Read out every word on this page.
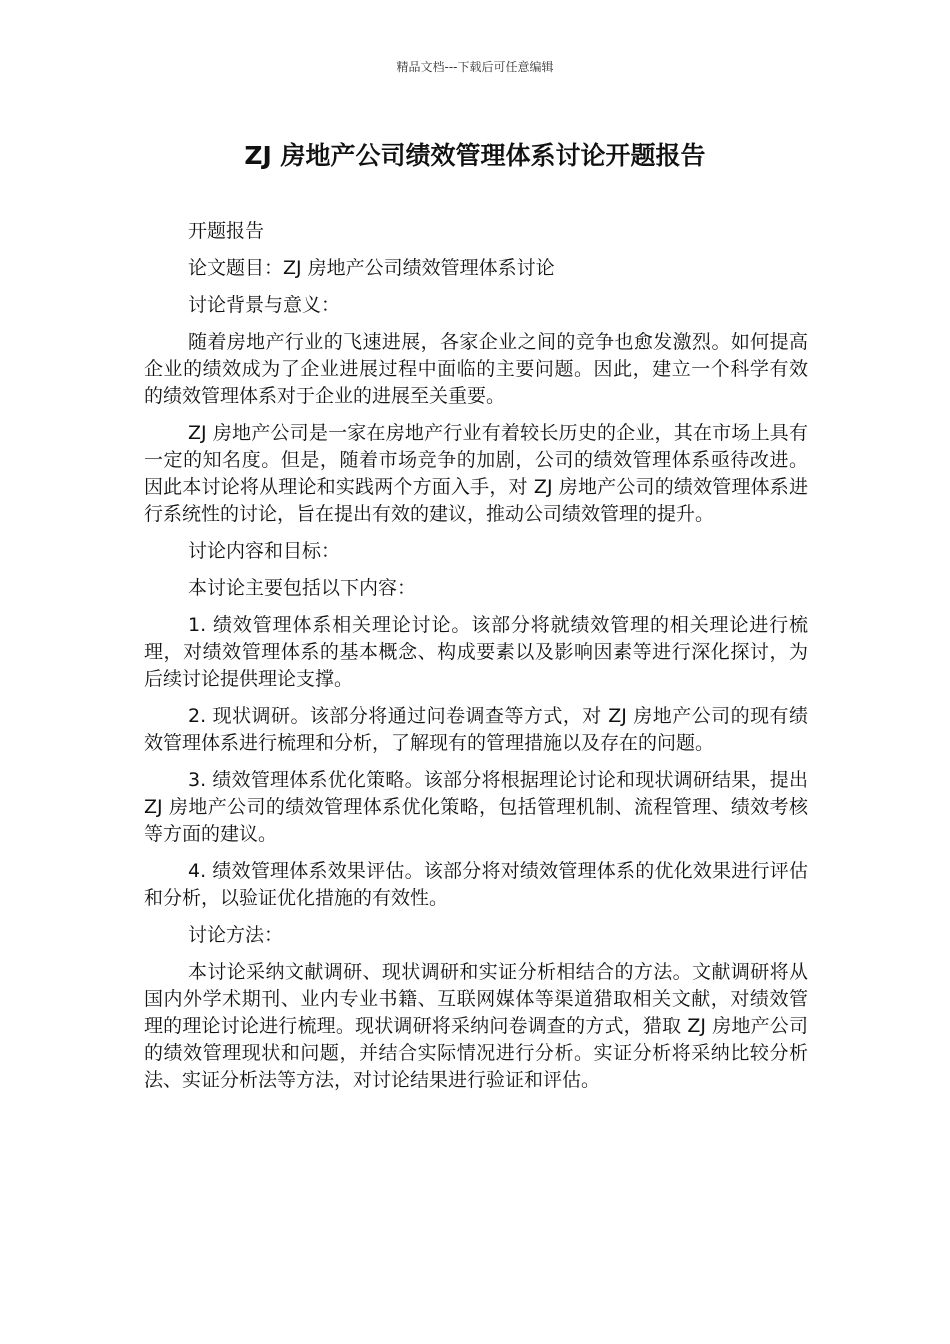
精品文档---下载后可任意编辑
ZJ 房地产公司绩效管理体系讨论开题报告

开题报告

论文题目：ZJ 房地产公司绩效管理体系讨论

讨论背景与意义：

随着房地产行业的飞速进展，各家企业之间的竞争也愈发激烈。如何提高企业的绩效成为了企业进展过程中面临的主要问题。因此，建立一个科学有效的绩效管理体系对于企业的进展至关重要。

ZJ 房地产公司是一家在房地产行业有着较长历史的企业，其在市场上具有一定的知名度。但是，随着市场竞争的加剧，公司的绩效管理体系亟待改进。因此本讨论将从理论和实践两个方面入手，对 ZJ 房地产公司的绩效管理体系进行系统性的讨论，旨在提出有效的建议，推动公司绩效管理的提升。

讨论内容和目标：

本讨论主要包括以下内容：

1. 绩效管理体系相关理论讨论。该部分将就绩效管理的相关理论进行梳理，对绩效管理体系的基本概念、构成要素以及影响因素等进行深化探讨，为后续讨论提供理论支撑。

2. 现状调研。该部分将通过问卷调查等方式，对 ZJ 房地产公司的现有绩效管理体系进行梳理和分析，了解现有的管理措施以及存在的问题。

3. 绩效管理体系优化策略。该部分将根据理论讨论和现状调研结果，提出 ZJ 房地产公司的绩效管理体系优化策略，包括管理机制、流程管理、绩效考核等方面的建议。

4. 绩效管理体系效果评估。该部分将对绩效管理体系的优化效果进行评估和分析，以验证优化措施的有效性。

讨论方法：

本讨论采纳文献调研、现状调研和实证分析相结合的方法。文献调研将从国内外学术期刊、业内专业书籍、互联网媒体等渠道猎取相关文献，对绩效管理的理论讨论进行梳理。现状调研将采纳问卷调查的方式，猎取 ZJ 房地产公司的绩效管理现状和问题，并结合实际情况进行分析。实证分析将采纳比较分析法、实证分析法等方法，对讨论结果进行验证和评估。
